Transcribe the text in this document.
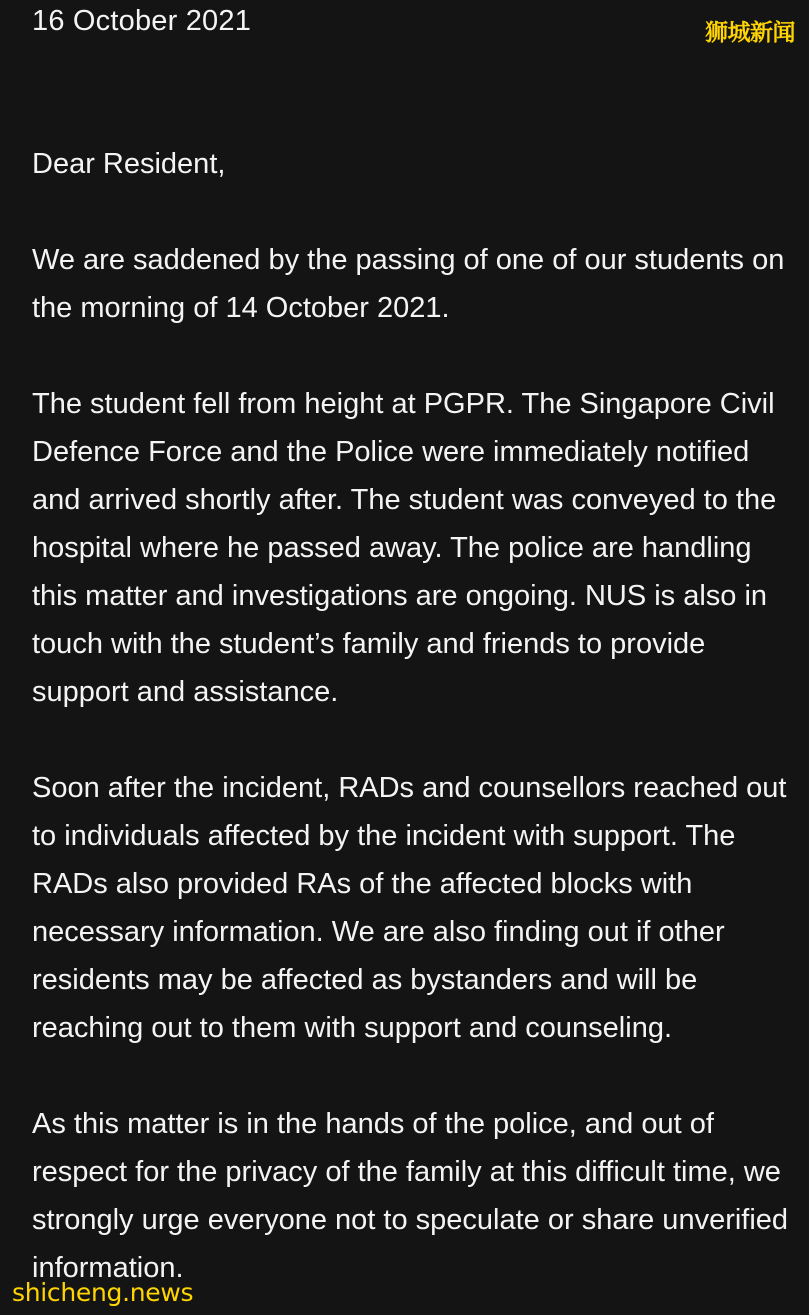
16 October 2021	狮城新闻

Dear Resident,

We are saddened by the passing of one of our students on the morning of 14 October 2021.

The student fell from height at PGPR. The Singapore Civil Defence Force and the Police were immediately notified and arrived shortly after. The student was conveyed to the hospital where he passed away. The police are handling this matter and investigations are ongoing. NUS is also in touch with the student’s family and friends to provide support and assistance.

Soon after the incident, RADs and counsellors reached out to individuals affected by the incident with support. The RADs also provided RAs of the affected blocks with necessary information. We are also finding out if other residents may be affected as bystanders and will be reaching out to them with support and counseling.

As this matter is in the hands of the police, and out of respect for the privacy of the family at this difficult time, we strongly urge everyone not to speculate or share unverified information.

shicheng.news
